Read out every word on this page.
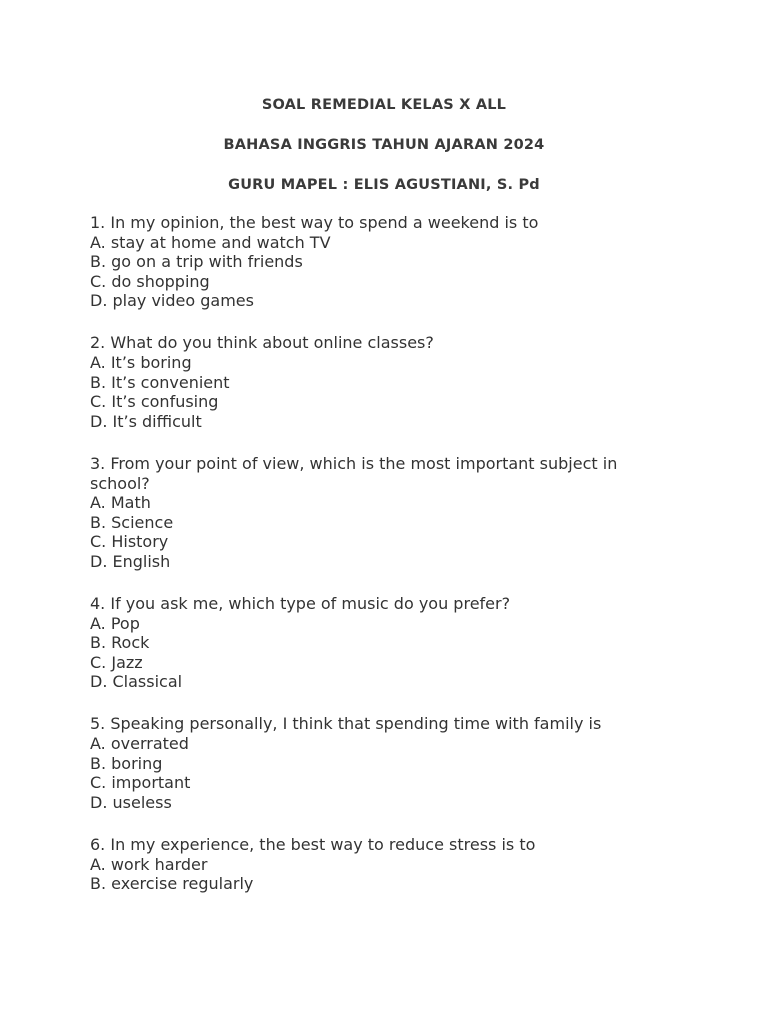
SOAL REMEDIAL KELAS X ALL
BAHASA INGGRIS TAHUN AJARAN 2024
GURU MAPEL : ELIS AGUSTIANI, S. Pd

1. In my opinion, the best way to spend a weekend is to

A. stay at home and watch TV

B. go on a trip with friends

C. do shopping

D. play video games

2. What do you think about online classes?

A. It’s boring

B. It’s convenient

C. It’s confusing

D. It’s difficult

3. From your point of view, which is the most important subject in school?

A. Math

B. Science

C. History

D. English

4. If you ask me, which type of music do you prefer?

A. Pop

B. Rock

C. Jazz

D. Classical

5. Speaking personally, I think that spending time with family is

A. overrated

B. boring

C. important

D. useless

6. In my experience, the best way to reduce stress is to

A. work harder

B. exercise regularly
